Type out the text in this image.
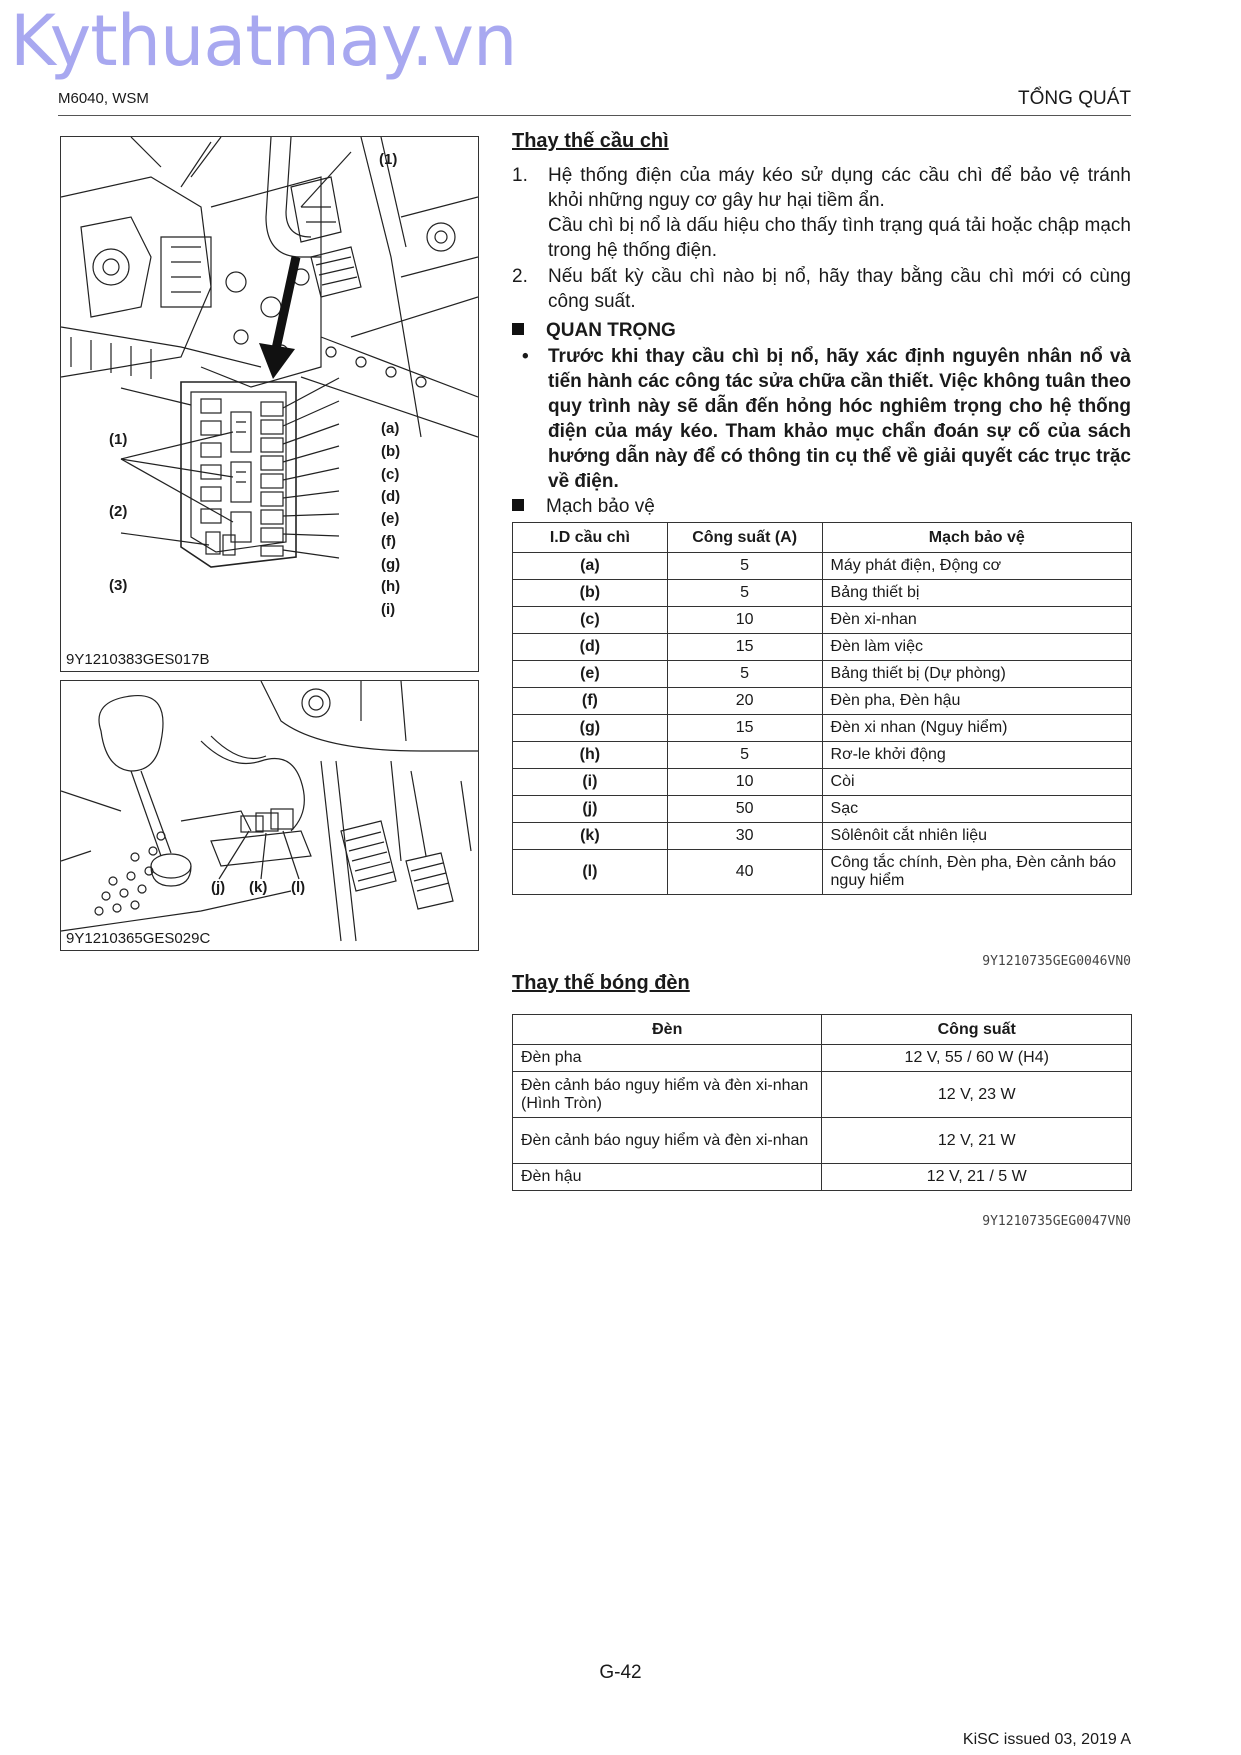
Kythuatmay.vn
M6040, WSM	TỔNG QUÁT
(1)
(1)
(2)
(3)
(a)
(b)
(c)
(d)
(e)
(f)
(g)
(h)
(i)
9Y1210383GES017B
(j) (k) (l)
9Y1210365GES029C
Thay thế cầu chì
1. Hệ thống điện của máy kéo sử dụng các cầu chì để bảo vệ tránh khỏi những nguy cơ gây hư hại tiềm ẩn.
Cầu chì bị nổ là dấu hiệu cho thấy tình trạng quá tải hoặc chập mạch trong hệ thống điện.
2. Nếu bất kỳ cầu chì nào bị nổ, hãy thay bằng cầu chì mới có cùng công suất.
QUAN TRỌNG
• Trước khi thay cầu chì bị nổ, hãy xác định nguyên nhân nổ và tiến hành các công tác sửa chữa cần thiết. Việc không tuân theo quy trình này sẽ dẫn đến hỏng hóc nghiêm trọng cho hệ thống điện của máy kéo. Tham khảo mục chẩn đoán sự cố của sách hướng dẫn này để có thông tin cụ thể về giải quyết các trục trặc về điện.
Mạch bảo vệ
I.D cầu chì	Công suất (A)	Mạch bảo vệ
(a)	5	Máy phát điện, Động cơ
(b)	5	Bảng thiết bị
(c)	10	Đèn xi-nhan
(d)	15	Đèn làm việc
(e)	5	Bảng thiết bị (Dự phòng)
(f)	20	Đèn pha, Đèn hậu
(g)	15	Đèn xi nhan (Nguy hiểm)
(h)	5	Rơ-le khởi động
(i)	10	Còi
(j)	50	Sạc
(k)	30	Sôlênôit cắt nhiên liệu
(l)	40	Công tắc chính, Đèn pha, Đèn cảnh báo nguy hiểm
9Y1210735GEG0046VN0
Thay thế bóng đèn
Đèn	Công suất
Đèn pha	12 V, 55 / 60 W (H4)
Đèn cảnh báo nguy hiểm và đèn xi-nhan (Hình Tròn)	12 V, 23 W
Đèn cảnh báo nguy hiểm và đèn xi-nhan	12 V, 21 W
Đèn hậu	12 V, 21 / 5 W
9Y1210735GEG0047VN0
G-42
KiSC issued 03, 2019 A
